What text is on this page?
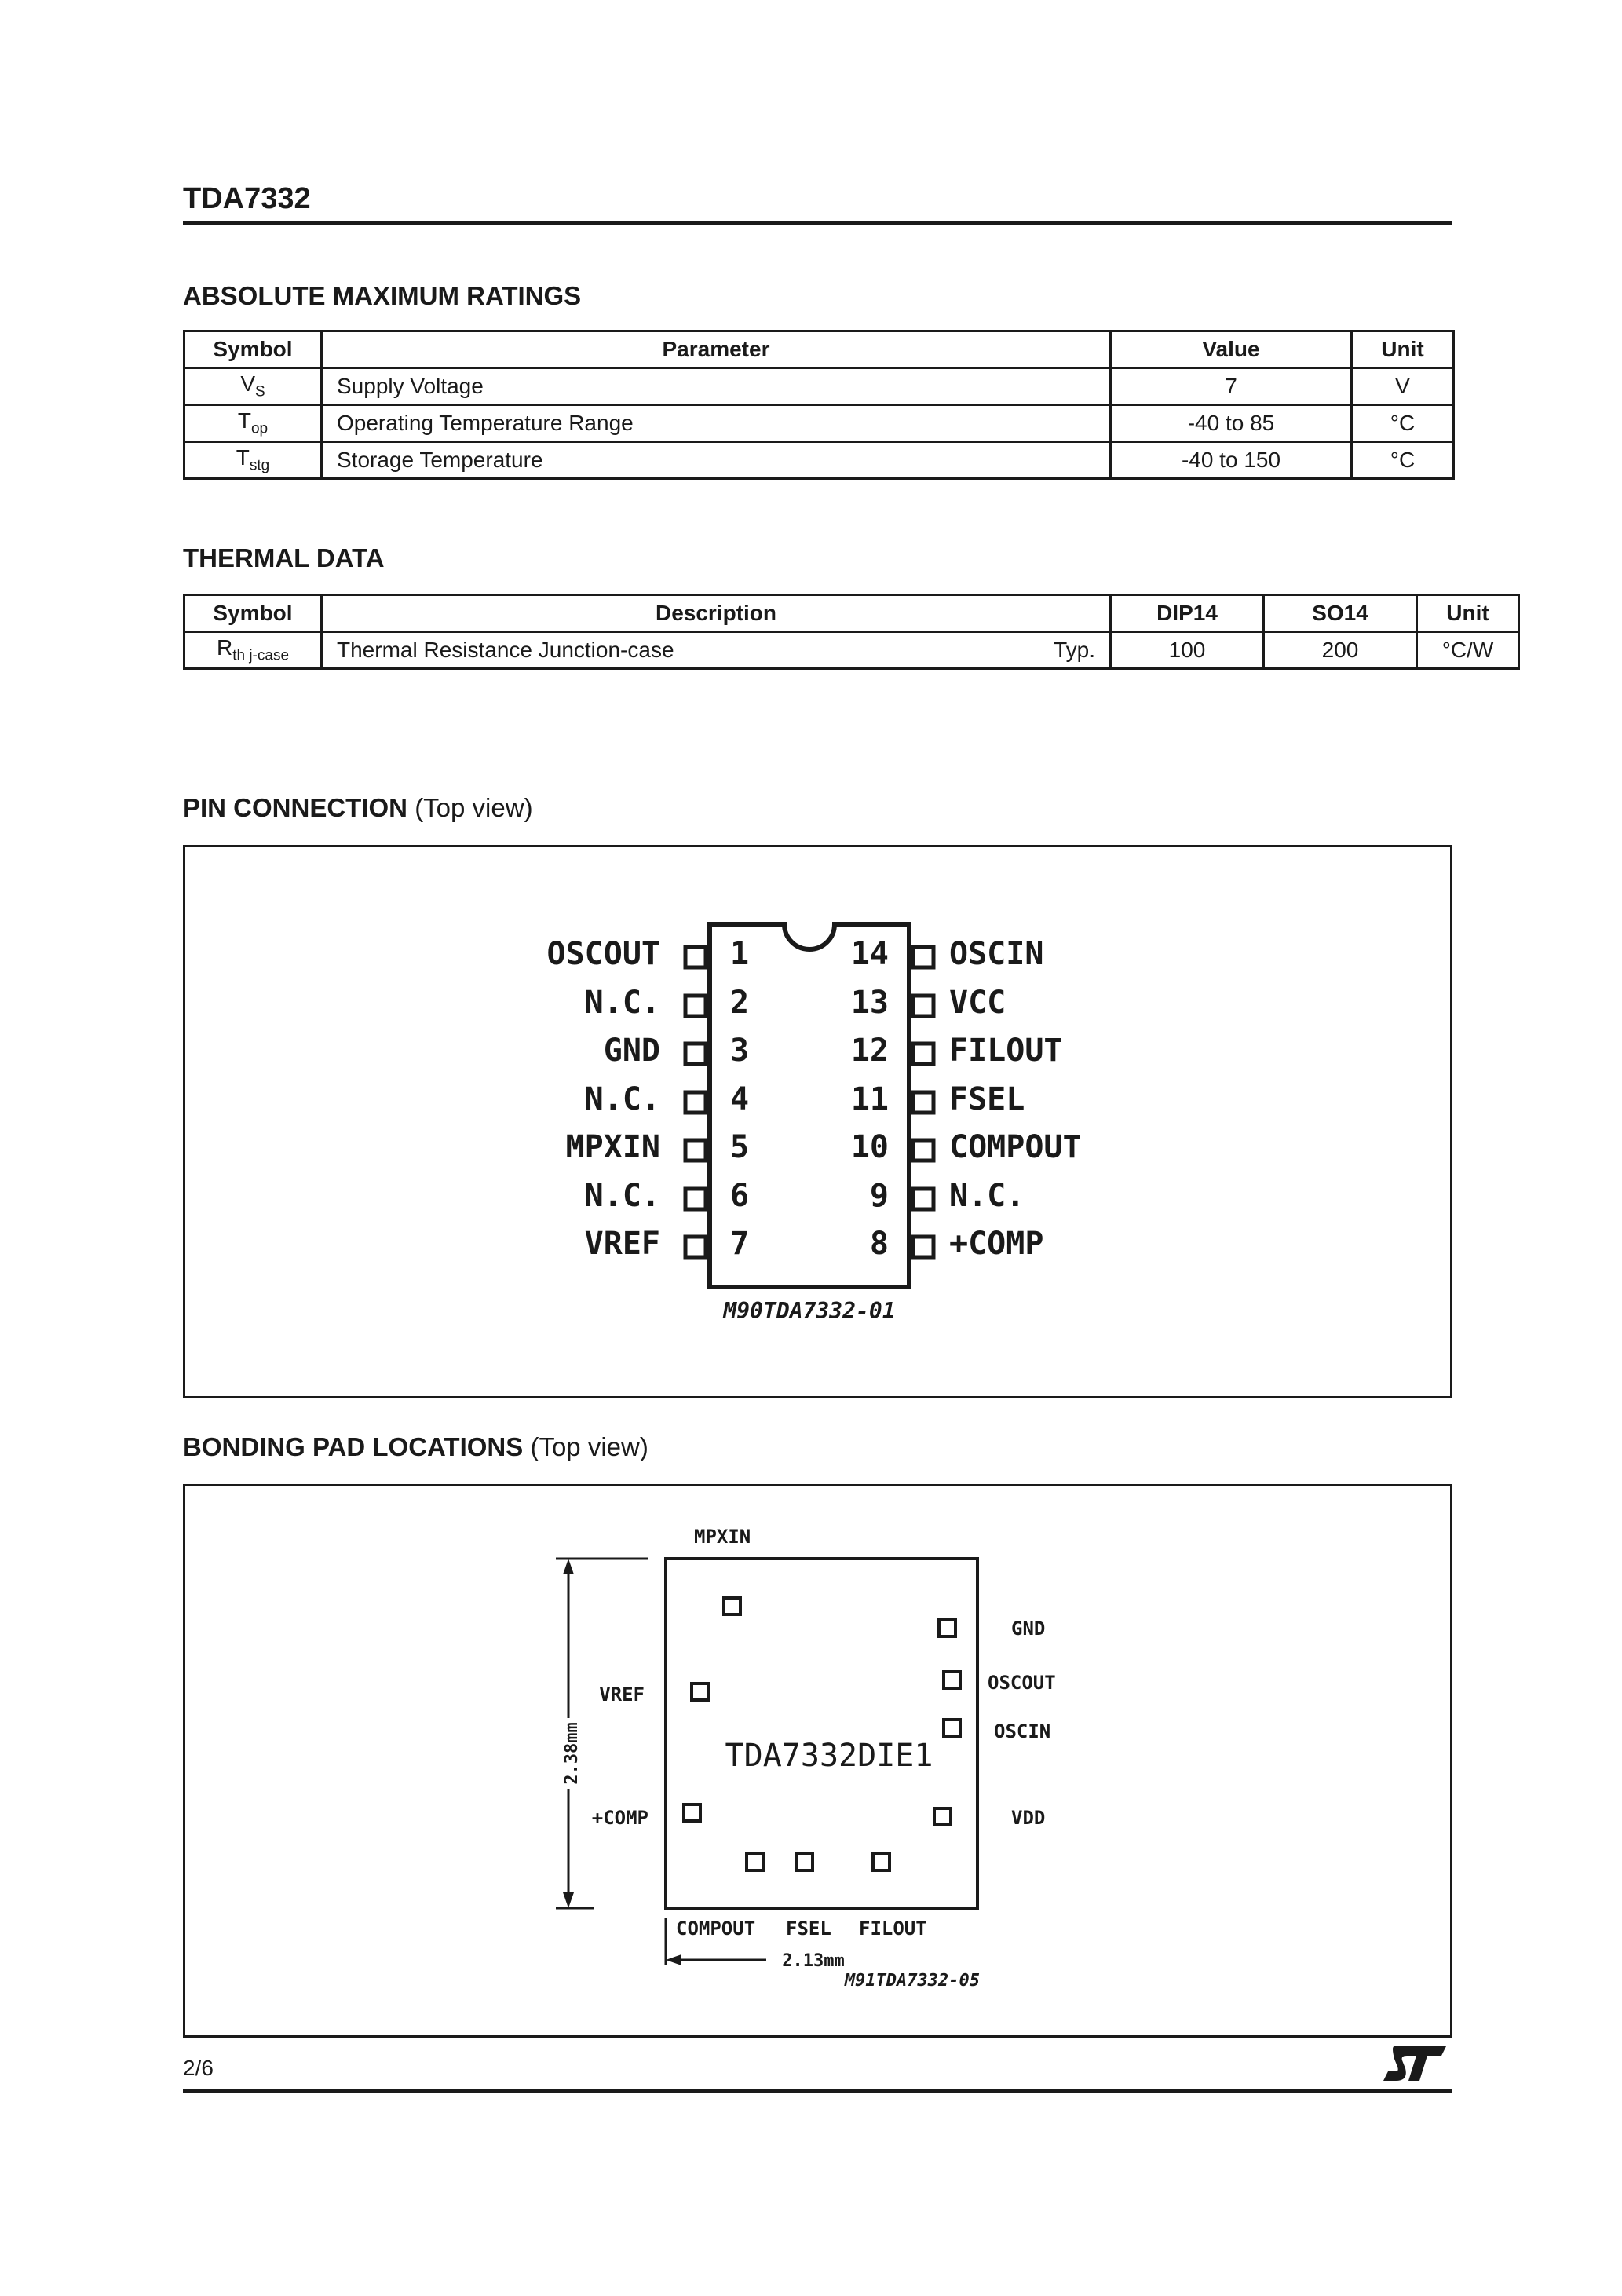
TDA7332
ABSOLUTE MAXIMUM RATINGS
Symbol	Parameter	Value	Unit
$V_S$	Supply Voltage	7	V
$T_{op}$	Operating Temperature Range	-40 to 85	°C
$T_{stg}$	Storage Temperature	-40 to 150	°C
THERMAL DATA
Symbol	Description	DIP14	SO14	Unit
$R_{th j-case}$	Thermal Resistance Junction-case Typ.	100	200	°C/W
PIN CONNECTION (Top view)
OSCOUT 1
N.C. 2
GND 3
N.C. 4
MPXIN 5
N.C. 6
VREF 7
14 OSCIN
13 VCC
12 FILOUT
11 FSEL
10 COMPOUT
9 N.C.
8 +COMP
M90TDA7332-01
BONDING PAD LOCATIONS (Top view)
TDA7332DIE1
MPXIN
GND
OSCOUT
OSCIN
VDD
VREF
+COMP
COMPOUT FSEL FILOUT
2.38mm
2.13mm
M91TDA7332-05
2/6
